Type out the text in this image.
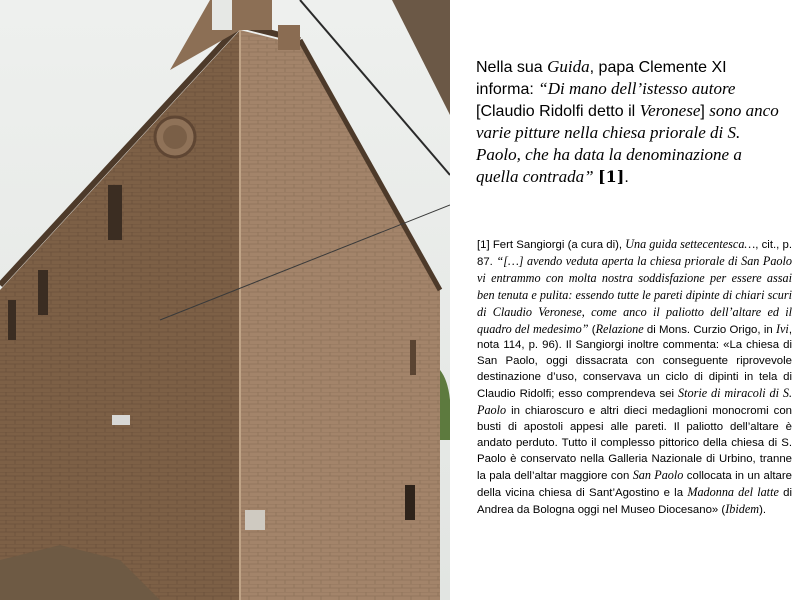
Nella sua Guida, papa Clemente XI informa: “Di mano dell’istesso autore [Claudio Ridolfi detto il Veronese] sono anco varie pitture nella chiesa priorale di S. Paolo, che ha data la denominazione a quella contrada” [1].
[1] Fert Sangiorgi (a cura di), Una guida settecentesca…, cit., p. 87. “[…] avendo veduta aperta la chiesa priorale di San Paolo vi entrammo con molta nostra soddisfazione per essere assai ben tenuta e pulita: essendo tutte le pareti dipinte di chiari scuri di Claudio Veronese, come anco il paliotto dell’altare ed il quadro del medesimo” (Relazione di Mons. Curzio Origo, in Ivi, nota 114, p. 96). Il Sangiorgi inoltre commenta: «La chiesa di San Paolo, oggi dissacrata con conseguente riprovevole destinazione d’uso, conservava un ciclo di dipinti in tela di Claudio Ridolfi; esso comprendeva sei Storie di miracoli di S. Paolo in chiaroscuro e altri dieci medaglioni monocromi con busti di apostoli appesi alle pareti. Il paliotto dell’altare è andato perduto. Tutto il complesso pittorico della chiesa di S. Paolo è conservato nella Galleria Nazionale di Urbino, tranne la pala dell’altar maggiore con San Paolo collocata in un altare della vicina chiesa di Sant’Agostino e la Madonna del latte di Andrea da Bologna oggi nel Museo Diocesano» (Ibidem).
